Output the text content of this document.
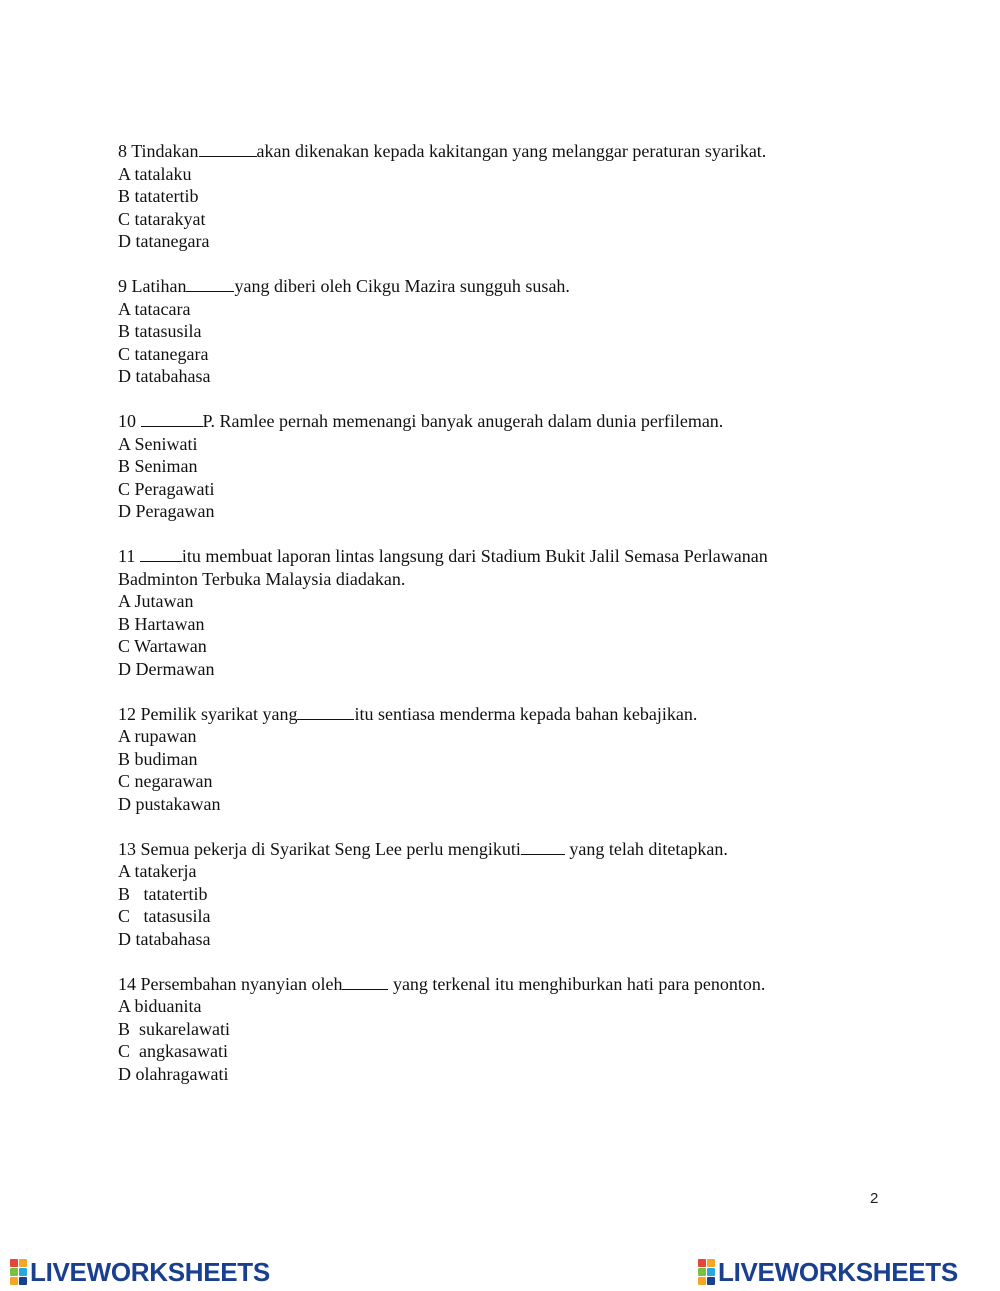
8 Tindakan	akan dikenakan kepada kakitangan yang melanggar peraturan syarikat.
A tatalaku
B tatatertib
C tatarakyat
D tatanegara
9 Latihan	yang diberi oleh Cikgu Mazira sungguh susah.
A tatacara
B tatasusila
C tatanegara
D tatabahasa
10	P. Ramlee pernah memenangi banyak anugerah dalam dunia perfileman.
A Seniwati
B Seniman
C Peragawati
D Peragawan
11	itu membuat laporan lintas langsung dari Stadium Bukit Jalil Semasa Perlawanan
Badminton Terbuka Malaysia diadakan.
A Jutawan
B Hartawan
C Wartawan
D Dermawan
12 Pemilik syarikat yang	itu sentiasa menderma kepada bahan kebajikan.
A rupawan
B budiman
C negarawan
D pustakawan
13 Semua pekerja di Syarikat Seng Lee perlu mengikuti yang telah ditetapkan.
A tatakerja
B   tatatertib
C   tatasusila
D tatabahasa
14 Persembahan nyanyian oleh	yang terkenal itu menghiburkan hati para penonton.
A biduanita
B  sukarelawati
C  angkasawati
D olahragawati
2
LIVEWORKSHEETS	LIVEWORKSHEETS
